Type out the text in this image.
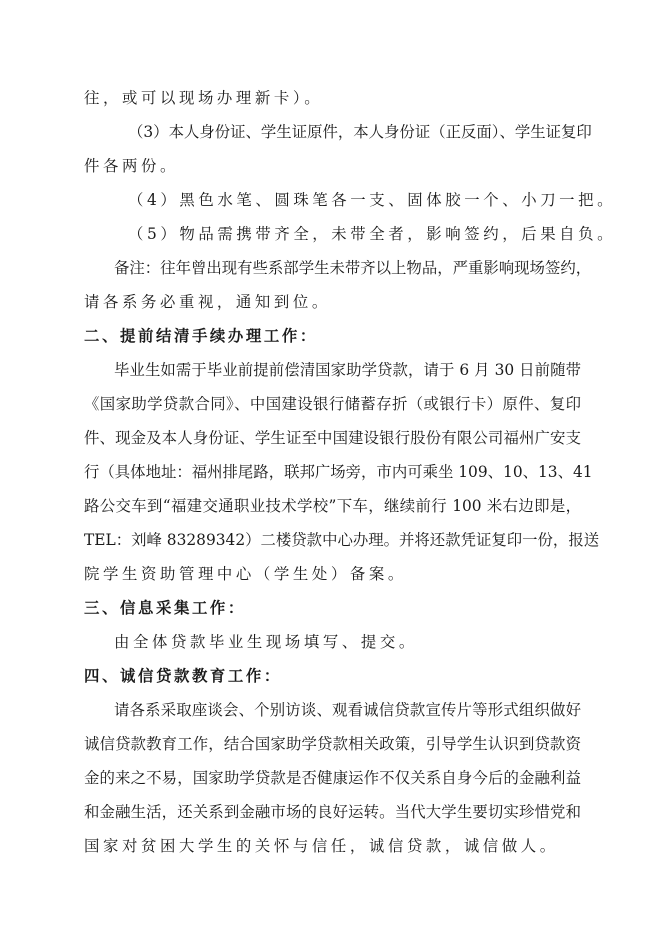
往，或可以现场办理新卡）。
（3）本人身份证、学生证原件，本人身份证（正反面）、学生证复印
件各两份。
（4）黑色水笔、圆珠笔各一支、固体胶一个、小刀一把。
（5）物品需携带齐全，未带全者，影响签约，后果自负。
备注：往年曾出现有些系部学生未带齐以上物品，严重影响现场签约，
请各系务必重视，通知到位。
二、提前结清手续办理工作：
毕业生如需于毕业前提前偿清国家助学贷款，请于 6 月 30 日前随带
《国家助学贷款合同》、中国建设银行储蓄存折（或银行卡）原件、复印
件、现金及本人身份证、学生证至中国建设银行股份有限公司福州广安支
行（具体地址：福州排尾路，联邦广场旁，市内可乘坐 109、10、13、41
路公交车到“福建交通职业技术学校”下车，继续前行 100 米右边即是，
TEL：刘峰 83289342）二楼贷款中心办理。并将还款凭证复印一份，报送
院学生资助管理中心（学生处）备案。
三、信息采集工作：
由全体贷款毕业生现场填写、提交。
四、诚信贷款教育工作：
请各系采取座谈会、个别访谈、观看诚信贷款宣传片等形式组织做好
诚信贷款教育工作，结合国家助学贷款相关政策，引导学生认识到贷款资
金的来之不易，国家助学贷款是否健康运作不仅关系自身今后的金融利益
和金融生活，还关系到金融市场的良好运转。当代大学生要切实珍惜党和
国家对贫困大学生的关怀与信任，诚信贷款，诚信做人。
